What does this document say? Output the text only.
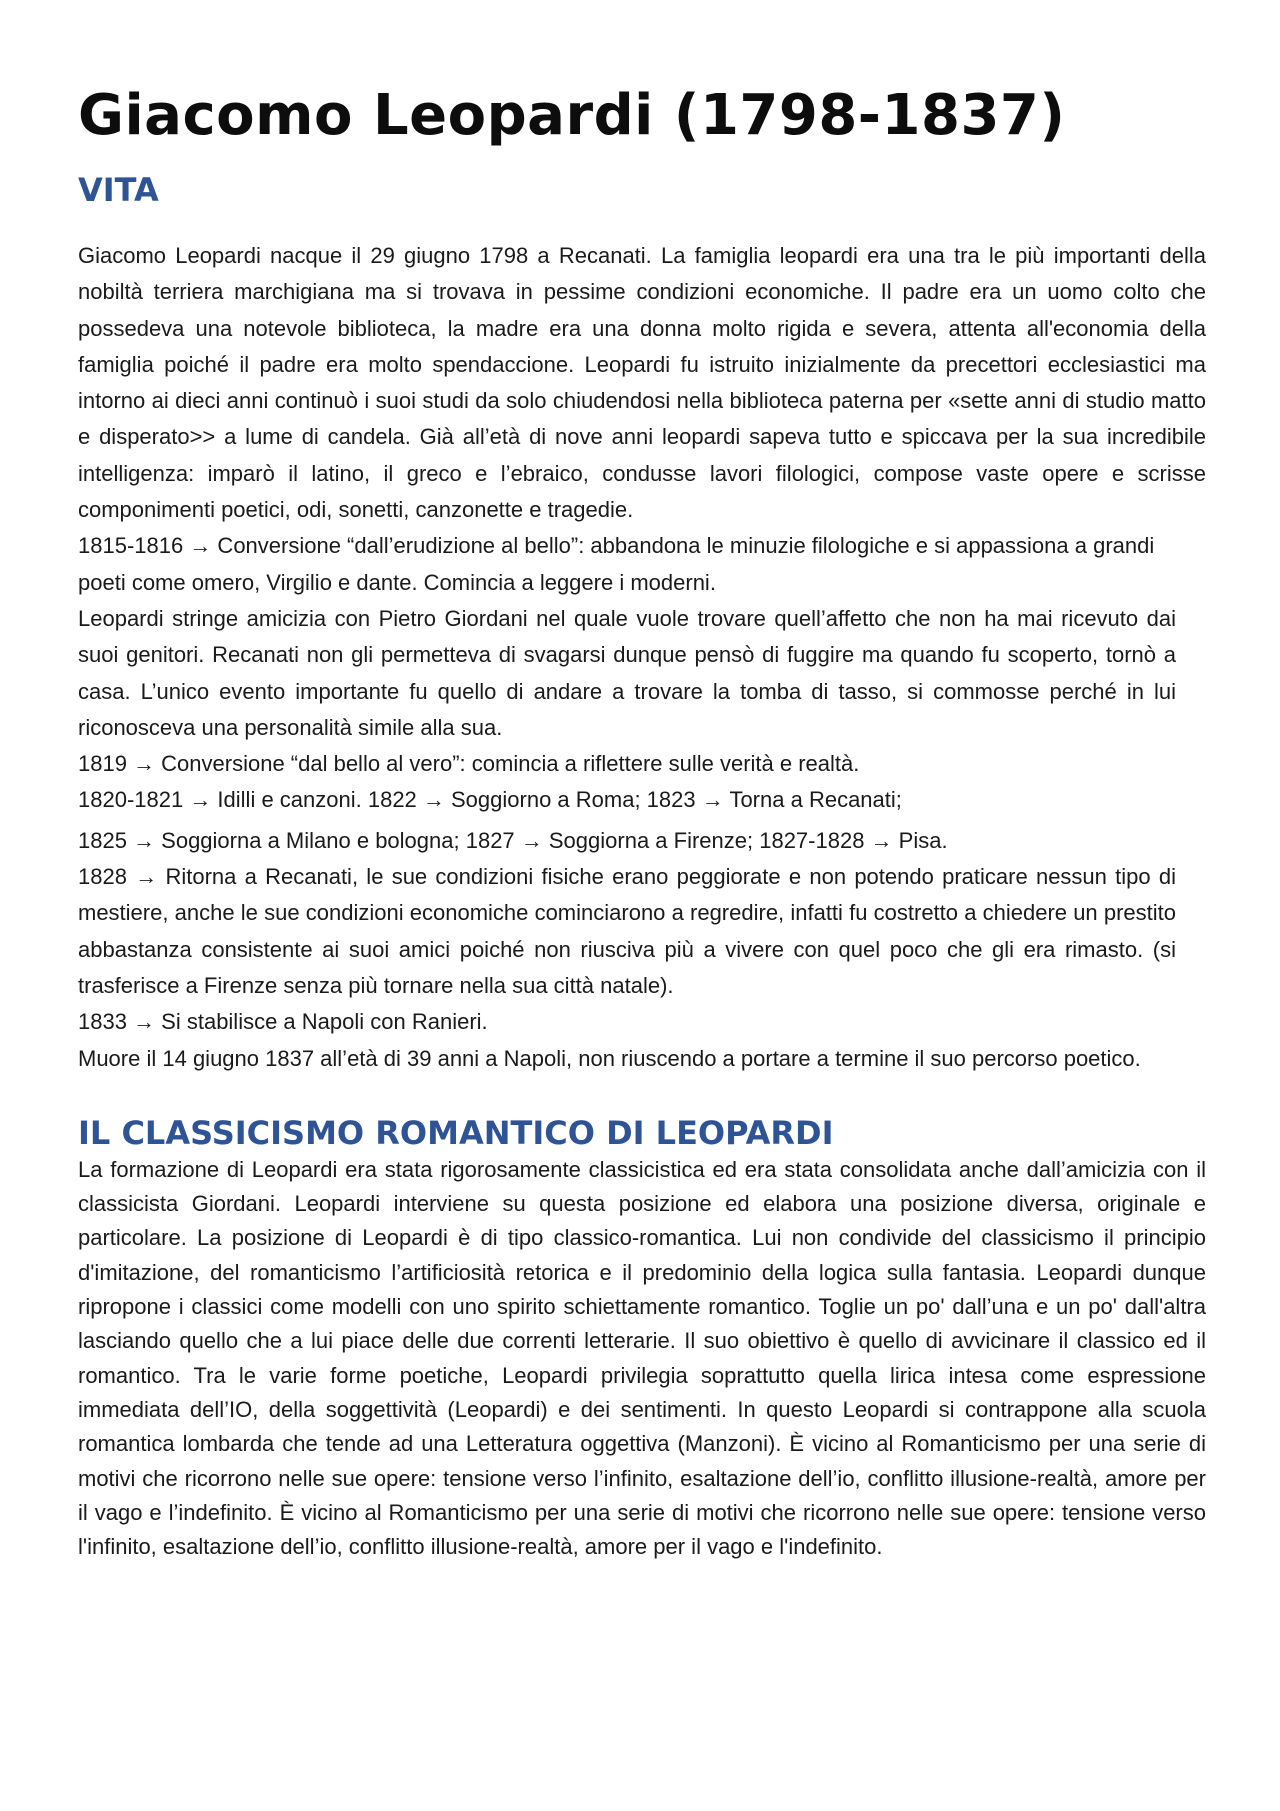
Giacomo Leopardi (1798-1837)
VITA

Giacomo Leopardi nacque il 29 giugno 1798 a Recanati. La famiglia leopardi era una tra le più importanti della nobiltà terriera marchigiana ma si trovava in pessime condizioni economiche. Il padre era un uomo colto che possedeva una notevole biblioteca, la madre era una donna molto rigida e severa, attenta all'economia della famiglia poiché il padre era molto spendaccione. Leopardi fu istruito inizialmente da precettori ecclesiastici ma intorno ai dieci anni continuò i suoi studi da solo chiudendosi nella biblioteca paterna per «sette anni di studio matto e disperato>> a lume di candela. Già all’età di nove anni leopardi sapeva tutto e spiccava per la sua incredibile intelligenza: imparò il latino, il greco e l’ebraico, condusse lavori filologici, compose vaste opere e scrisse componimenti poetici, odi, sonetti, canzonette e tragedie.

1815-1816 → Conversione “dall’erudizione al bello”: abbandona le minuzie filologiche e si appassiona a grandi poeti come omero, Virgilio e dante. Comincia a leggere i moderni.

Leopardi stringe amicizia con Pietro Giordani nel quale vuole trovare quell’affetto che non ha mai ricevuto dai suoi genitori. Recanati non gli permetteva di svagarsi dunque pensò di fuggire ma quando fu scoperto, tornò a casa. L’unico evento importante fu quello di andare a trovare la tomba di tasso, si commosse perché in lui riconosceva una personalità simile alla sua.

1819 → Conversione “dal bello al vero”: comincia a riflettere sulle verità e realtà.

1820-1821 → Idilli e canzoni. 1822 → Soggiorno a Roma; 1823 → Torna a Recanati;

1825 → Soggiorna a Milano e bologna; 1827 → Soggiorna a Firenze; 1827-1828 → Pisa.

1828 → Ritorna a Recanati, le sue condizioni fisiche erano peggiorate e non potendo praticare nessun tipo di mestiere, anche le sue condizioni economiche cominciarono a regredire, infatti fu costretto a chiedere un prestito abbastanza consistente ai suoi amici poiché non riusciva più a vivere con quel poco che gli era rimasto. (si trasferisce a Firenze senza più tornare nella sua città natale).

1833 → Si stabilisce a Napoli con Ranieri.

Muore il 14 giugno 1837 all’età di 39 anni a Napoli, non riuscendo a portare a termine il suo percorso poetico.

IL CLASSICISMO ROMANTICO DI LEOPARDI

La formazione di Leopardi era stata rigorosamente classicistica ed era stata consolidata anche dall’amicizia con il classicista Giordani. Leopardi interviene su questa posizione ed elabora una posizione diversa, originale e particolare. La posizione di Leopardi è di tipo classico-romantica. Lui non condivide del classicismo il principio d'imitazione, del romanticismo l’artificiosità retorica e il predominio della logica sulla fantasia. Leopardi dunque ripropone i classici come modelli con uno spirito schiettamente romantico. Toglie un po' dall’una e un po' dall'altra lasciando quello che a lui piace delle due correnti letterarie. Il suo obiettivo è quello di avvicinare il classico ed il romantico. Tra le varie forme poetiche, Leopardi privilegia soprattutto quella lirica intesa come espressione immediata dell’IO, della soggettività (Leopardi) e dei sentimenti. In questo Leopardi si contrappone alla scuola romantica lombarda che tende ad una Letteratura oggettiva (Manzoni). È vicino al Romanticismo per una serie di motivi che ricorrono nelle sue opere: tensione verso l’infinito, esaltazione dell’io, conflitto illusione-realtà, amore per il vago e l’indefinito. È vicino al Romanticismo per una serie di motivi che ricorrono nelle sue opere: tensione verso l'infinito, esaltazione dell’io, conflitto illusione-realtà, amore per il vago e l'indefinito.
